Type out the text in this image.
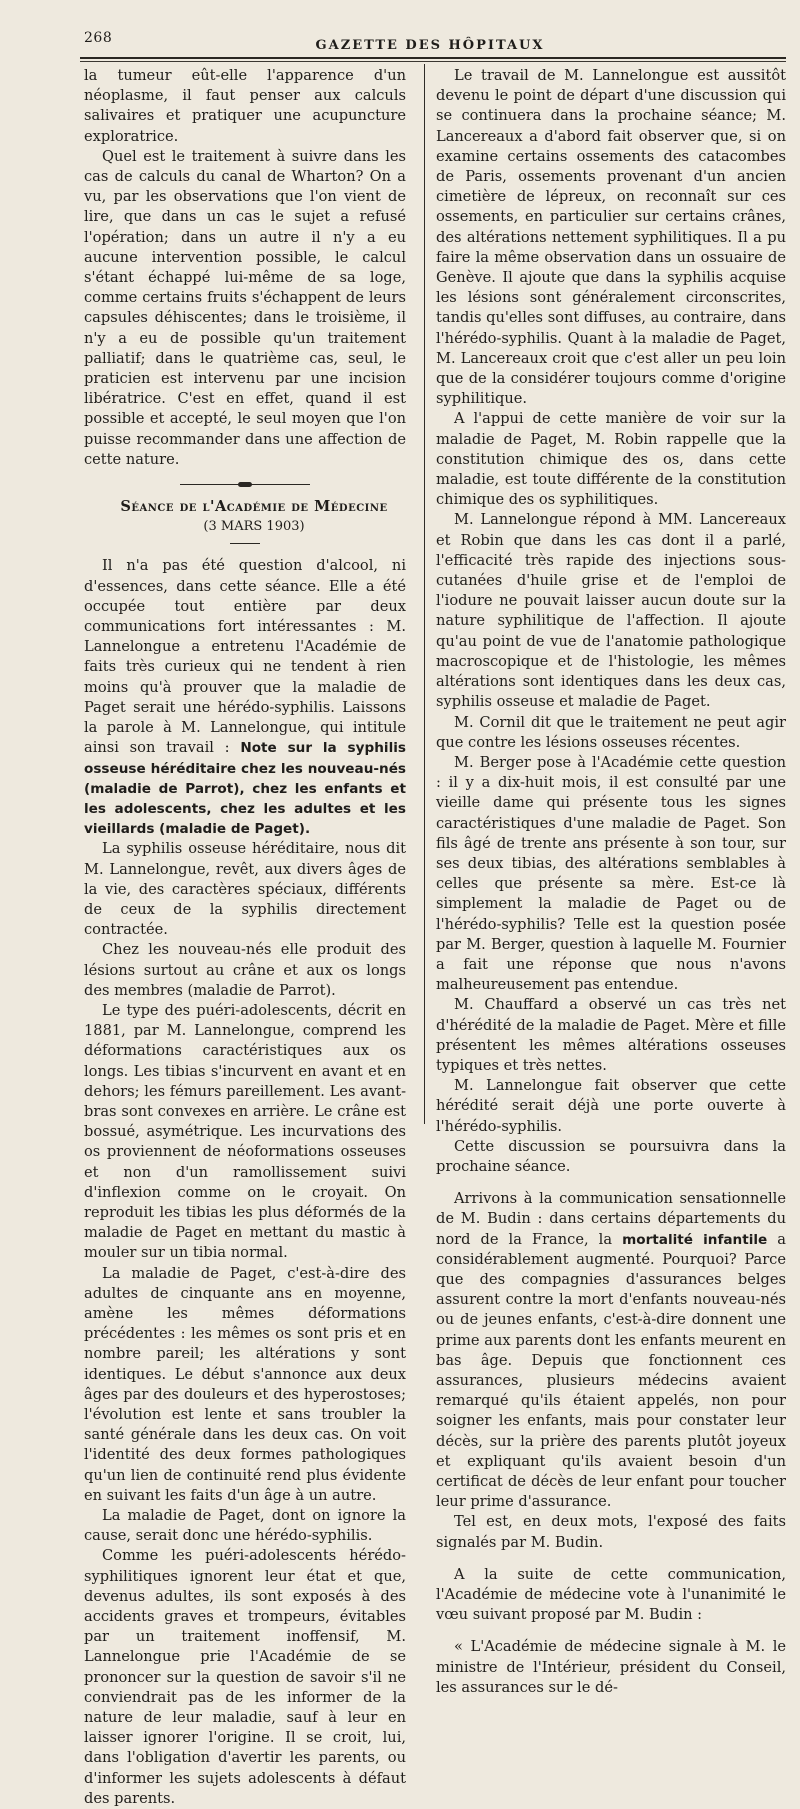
268	GAZETTE DES HÔPITAUX

la tumeur eût-elle l'apparence d'un néoplasme, il faut penser aux calculs salivaires et pratiquer une acupuncture exploratrice.

Quel est le traitement à suivre dans les cas de calculs du canal de Wharton? On a vu, par les observations que l'on vient de lire, que dans un cas le sujet a refusé l'opération; dans un autre il n'y a eu aucune intervention possible, le calcul s'étant échappé lui-même de sa loge, comme certains fruits s'échappent de leurs capsules déhiscentes; dans le troisième, il n'y a eu de possible qu'un traitement palliatif; dans le quatrième cas, seul, le praticien est intervenu par une incision libératrice. C'est en effet, quand il est possible et accepté, le seul moyen que l'on puisse recommander dans une affection de cette nature.

Séance de l'Académie de Médecine

(3 MARS 1903)

Il n'a pas été question d'alcool, ni d'essences, dans cette séance. Elle a été occupée tout entière par deux communications fort intéressantes : M. Lannelongue a entretenu l'Académie de faits très curieux qui ne tendent à rien moins qu'à prouver que la maladie de Paget serait une hérédo-syphilis. Laissons la parole à M. Lannelongue, qui intitule ainsi son travail : Note sur la syphilis osseuse héréditaire chez les nouveau-nés (maladie de Parrot), chez les enfants et les adolescents, chez les adultes et les vieillards (maladie de Paget).

La syphilis osseuse héréditaire, nous dit M. Lannelongue, revêt, aux divers âges de la vie, des caractères spéciaux, différents de ceux de la syphilis directement contractée.

Chez les nouveau-nés elle produit des lésions surtout au crâne et aux os longs des membres (maladie de Parrot).

Le type des puéri-adolescents, décrit en 1881, par M. Lannelongue, comprend les déformations caractéristiques aux os longs. Les tibias s'incurvent en avant et en dehors; les fémurs pareillement. Les avant-bras sont convexes en arrière. Le crâne est bossué, asymétrique. Les incurvations des os proviennent de néoformations osseuses et non d'un ramollissement suivi d'inflexion comme on le croyait. On reproduit les tibias les plus déformés de la maladie de Paget en mettant du mastic à mouler sur un tibia normal.

La maladie de Paget, c'est-à-dire des adultes de cinquante ans en moyenne, amène les mêmes déformations précédentes : les mêmes os sont pris et en nombre pareil; les altérations y sont identiques. Le début s'annonce aux deux âges par des douleurs et des hyperostoses; l'évolution est lente et sans troubler la santé générale dans les deux cas. On voit l'identité des deux formes pathologiques qu'un lien de continuité rend plus évidente en suivant les faits d'un âge à un autre.

La maladie de Paget, dont on ignore la cause, serait donc une hérédo-syphilis.

Comme les puéri-adolescents hérédo-syphilitiques ignorent leur état et que, devenus adultes, ils sont exposés à des accidents graves et trompeurs, évitables par un traitement inoffensif, M. Lannelongue prie l'Académie de se prononcer sur la question de savoir s'il ne conviendrait pas de les informer de la nature de leur maladie, sauf à leur en laisser ignorer l'origine. Il se croit, lui, dans l'obligation d'avertir les parents, ou d'informer les sujets adolescents à défaut des parents.

Le travail de M. Lannelongue est aussitôt devenu le point de départ d'une discussion qui se continuera dans la prochaine séance; M. Lancereaux a d'abord fait observer que, si on examine certains ossements des catacombes de Paris, ossements provenant d'un ancien cimetière de lépreux, on reconnaît sur ces ossements, en particulier sur certains crânes, des altérations nettement syphilitiques. Il a pu faire la même observation dans un ossuaire de Genève. Il ajoute que dans la syphilis acquise les lésions sont généralement circonscrites, tandis qu'elles sont diffuses, au contraire, dans l'hérédo-syphilis. Quant à la maladie de Paget, M. Lancereaux croit que c'est aller un peu loin que de la considérer toujours comme d'origine syphilitique.

A l'appui de cette manière de voir sur la maladie de Paget, M. Robin rappelle que la constitution chimique des os, dans cette maladie, est toute différente de la constitution chimique des os syphilitiques.

M. Lannelongue répond à MM. Lancereaux et Robin que dans les cas dont il a parlé, l'efficacité très rapide des injections sous-cutanées d'huile grise et de l'emploi de l'iodure ne pouvait laisser aucun doute sur la nature syphilitique de l'affection. Il ajoute qu'au point de vue de l'anatomie pathologique macroscopique et de l'histologie, les mêmes altérations sont identiques dans les deux cas, syphilis osseuse et maladie de Paget.

M. Cornil dit que le traitement ne peut agir que contre les lésions osseuses récentes.

M. Berger pose à l'Académie cette question : il y a dix-huit mois, il est consulté par une vieille dame qui présente tous les signes caractéristiques d'une maladie de Paget. Son fils âgé de trente ans présente à son tour, sur ses deux tibias, des altérations semblables à celles que présente sa mère. Est-ce là simplement la maladie de Paget ou de l'hérédo-syphilis? Telle est la question posée par M. Berger, question à laquelle M. Fournier a fait une réponse que nous n'avons malheureusement pas entendue.

M. Chauffard a observé un cas très net d'hérédité de la maladie de Paget. Mère et fille présentent les mêmes altérations osseuses typiques et très nettes.

M. Lannelongue fait observer que cette hérédité serait déjà une porte ouverte à l'hérédo-syphilis.

Cette discussion se poursuivra dans la prochaine séance.

Arrivons à la communication sensationnelle de M. Budin : dans certains départements du nord de la France, la mortalité infantile a considérablement augmenté. Pourquoi? Parce que des compagnies d'assurances belges assurent contre la mort d'enfants nouveau-nés ou de jeunes enfants, c'est-à-dire donnent une prime aux parents dont les enfants meurent en bas âge. Depuis que fonctionnent ces assurances, plusieurs médecins avaient remarqué qu'ils étaient appelés, non pour soigner les enfants, mais pour constater leur décès, sur la prière des parents plutôt joyeux et expliquant qu'ils avaient besoin d'un certificat de décès de leur enfant pour toucher leur prime d'assurance.

Tel est, en deux mots, l'exposé des faits signalés par M. Budin.

A la suite de cette communication, l'Académie de médecine vote à l'unanimité le vœu suivant proposé par M. Budin :

« L'Académie de médecine signale à M. le ministre de l'Intérieur, président du Conseil, les assurances sur le dé-
